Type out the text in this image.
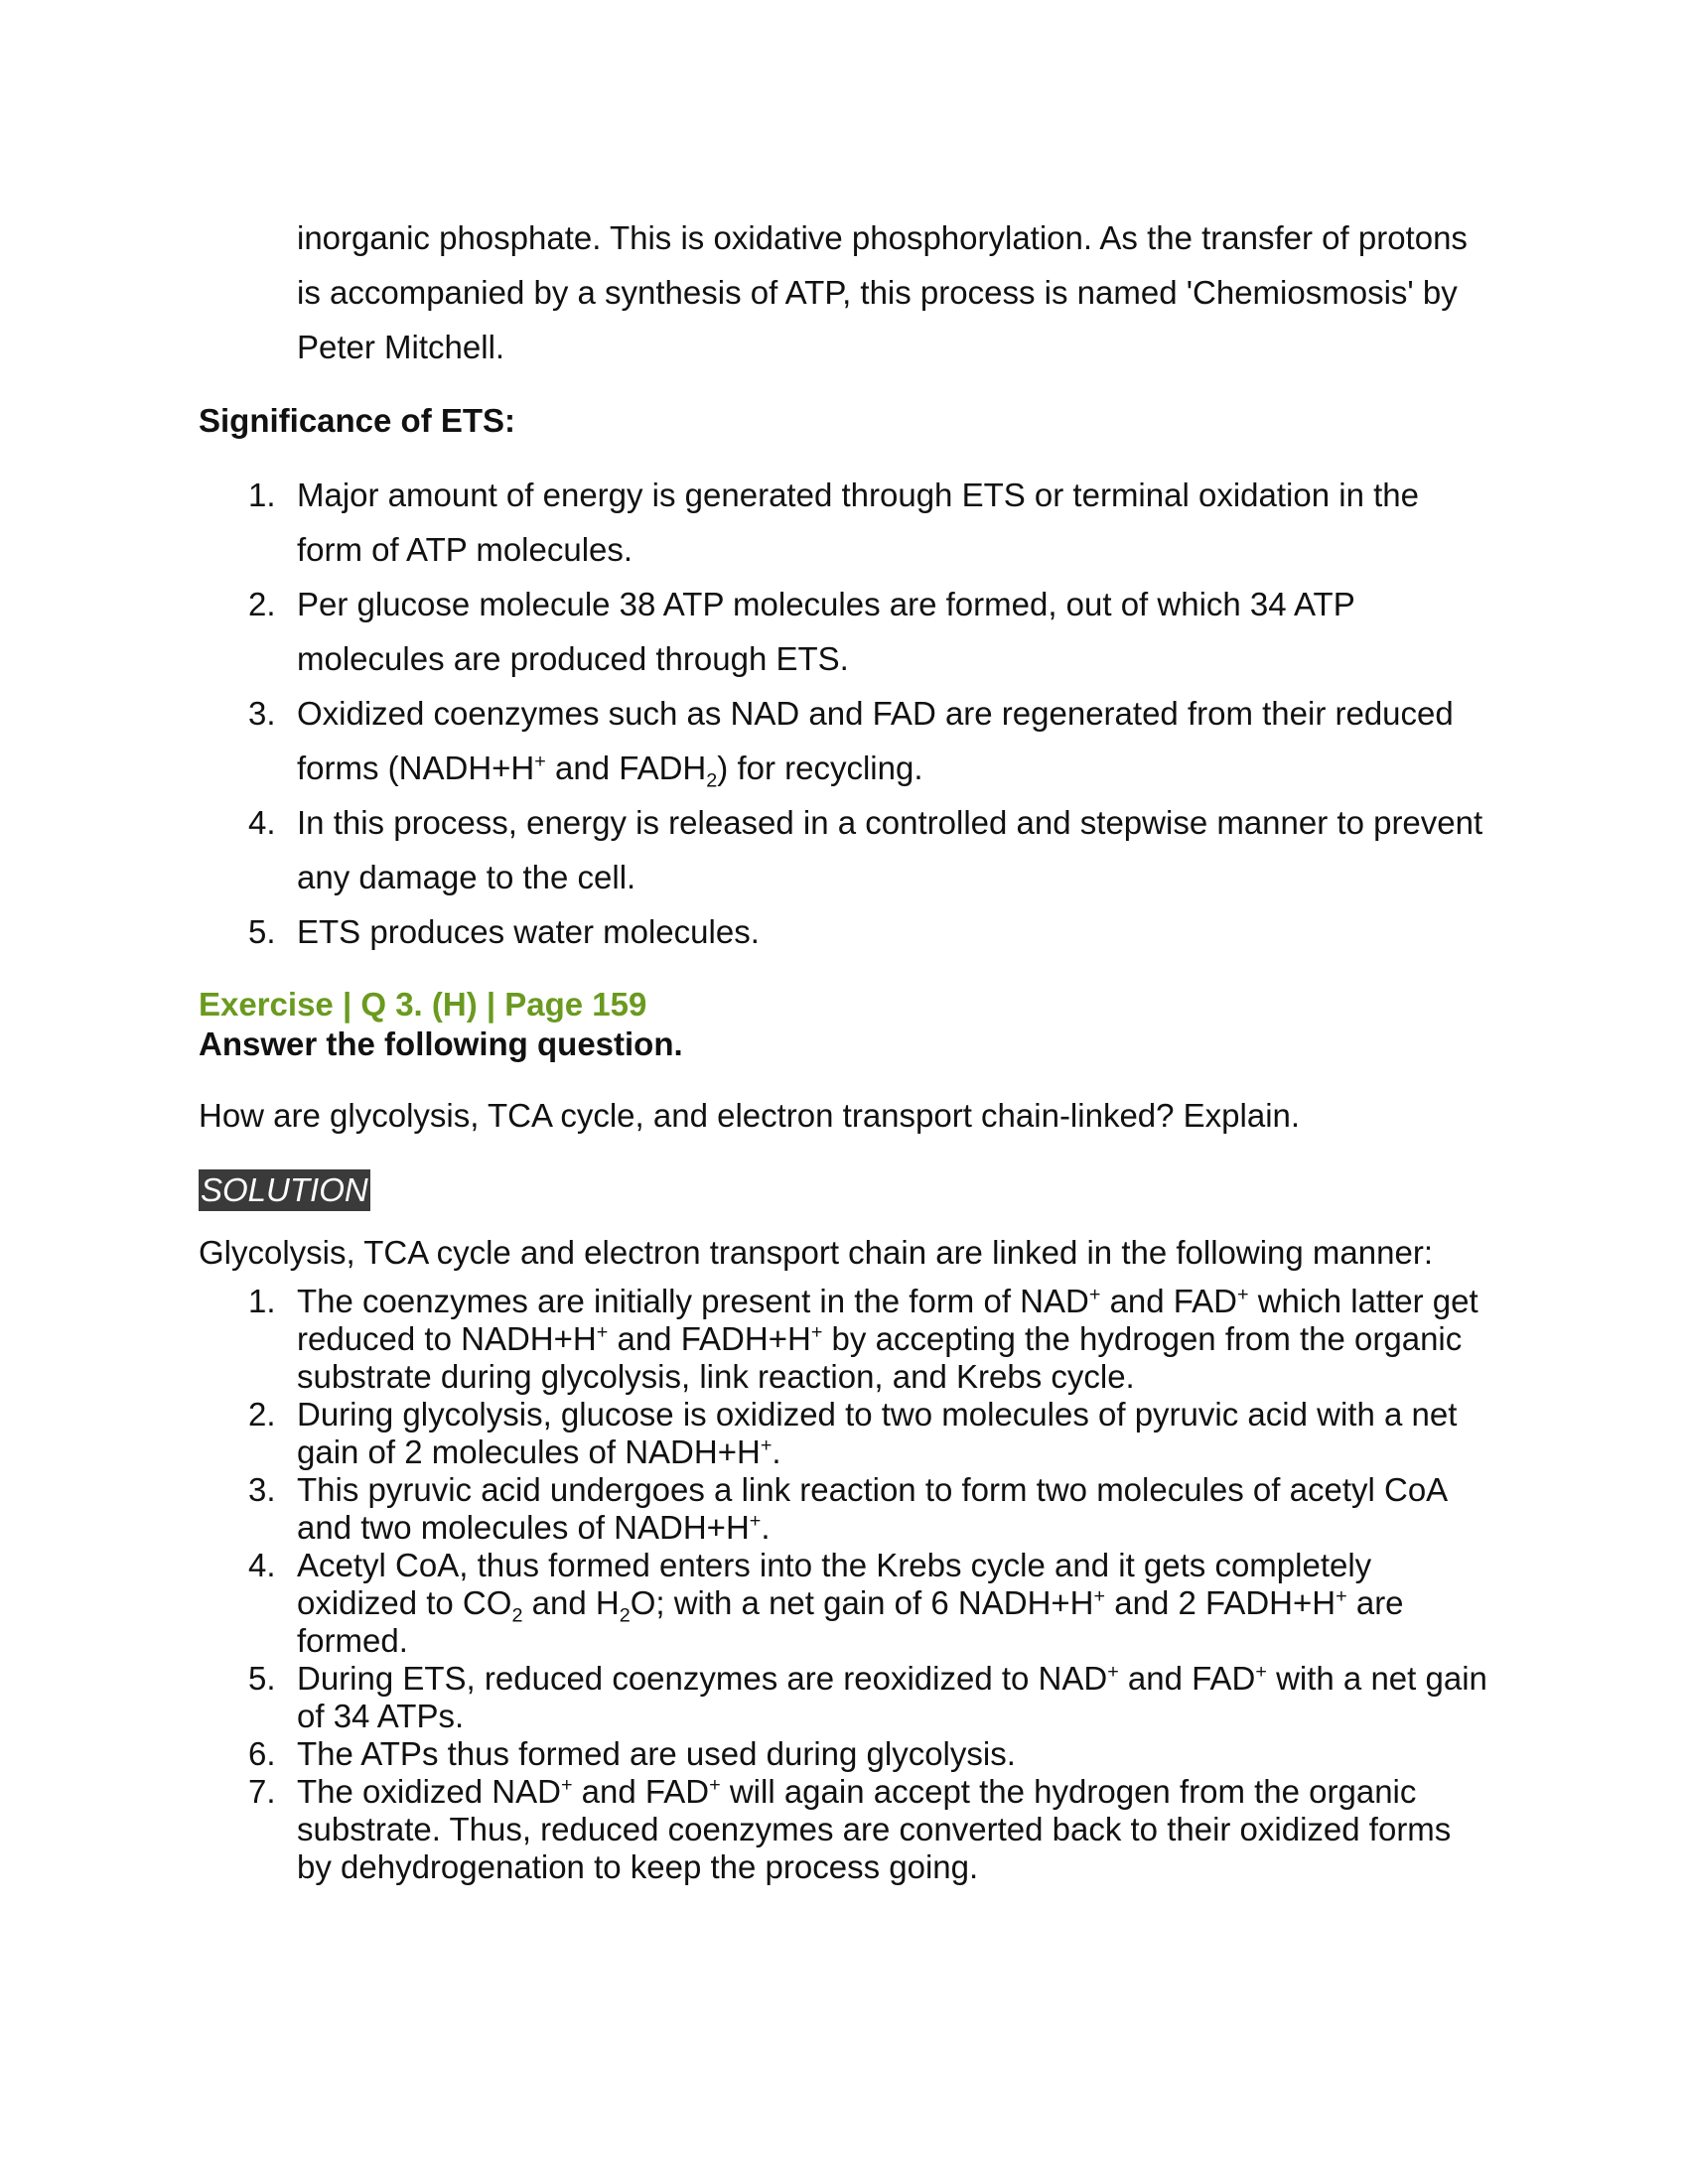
inorganic phosphate. This is oxidative phosphorylation. As the transfer of protons is accompanied by a synthesis of ATP, this process is named 'Chemiosmosis' by Peter Mitchell.

Significance of ETS:

1. Major amount of energy is generated through ETS or terminal oxidation in the form of ATP molecules.
2. Per glucose molecule 38 ATP molecules are formed, out of which 34 ATP molecules are produced through ETS.
3. Oxidized coenzymes such as NAD and FAD are regenerated from their reduced forms (NADH+H+ and $FADH_2$) for recycling.
4. In this process, energy is released in a controlled and stepwise manner to prevent any damage to the cell.
5. ETS produces water molecules.

Exercise | Q 3. (H) | Page 159

Answer the following question.

How are glycolysis, TCA cycle, and electron transport chain-linked? Explain.

SOLUTION

Glycolysis, TCA cycle and electron transport chain are linked in the following manner:

1. The coenzymes are initially present in the form of NAD+ and FAD+ which latter get reduced to NADH+H+ and FADH+H+ by accepting the hydrogen from the organic substrate during glycolysis, link reaction, and Krebs cycle.
2. During glycolysis, glucose is oxidized to two molecules of pyruvic acid with a net gain of 2 molecules of NADH+H+.
3. This pyruvic acid undergoes a link reaction to form two molecules of acetyl CoA and two molecules of NADH+H+.
4. Acetyl CoA, thus formed enters into the Krebs cycle and it gets completely oxidized to $CO_2$ and $H_2O$; with a net gain of 6 NADH+H+ and 2 FADH+H+ are formed.
5. During ETS, reduced coenzymes are reoxidized to NAD+ and FAD+ with a net gain of 34 ATPs.
6. The ATPs thus formed are used during glycolysis.
7. The oxidized NAD+ and FAD+ will again accept the hydrogen from the organic substrate. Thus, reduced coenzymes are converted back to their oxidized forms by dehydrogenation to keep the process going.
